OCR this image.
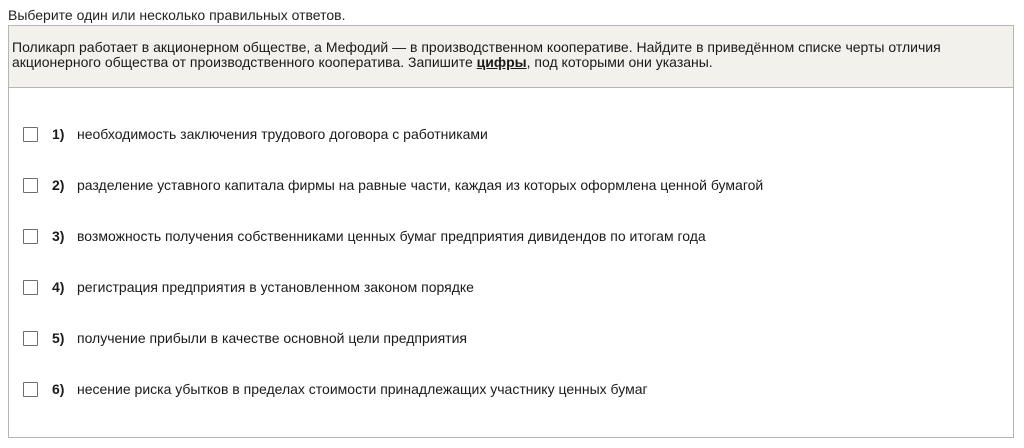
Выберите один или несколько правильных ответов.
Поликарп работает в акционерном обществе, а Мефодий — в производственном кооперативе. Найдите в приведённом списке черты отличия акционерного общества от производственного кооператива. Запишите цифры, под которыми они указаны.
1) необходимость заключения трудового договора с работниками
2) разделение уставного капитала фирмы на равные части, каждая из которых оформлена ценной бумагой
3) возможность получения собственниками ценных бумаг предприятия дивидендов по итогам года
4) регистрация предприятия в установленном законом порядке
5) получение прибыли в качестве основной цели предприятия
6) несение риска убытков в пределах стоимости принадлежащих участнику ценных бумаг
